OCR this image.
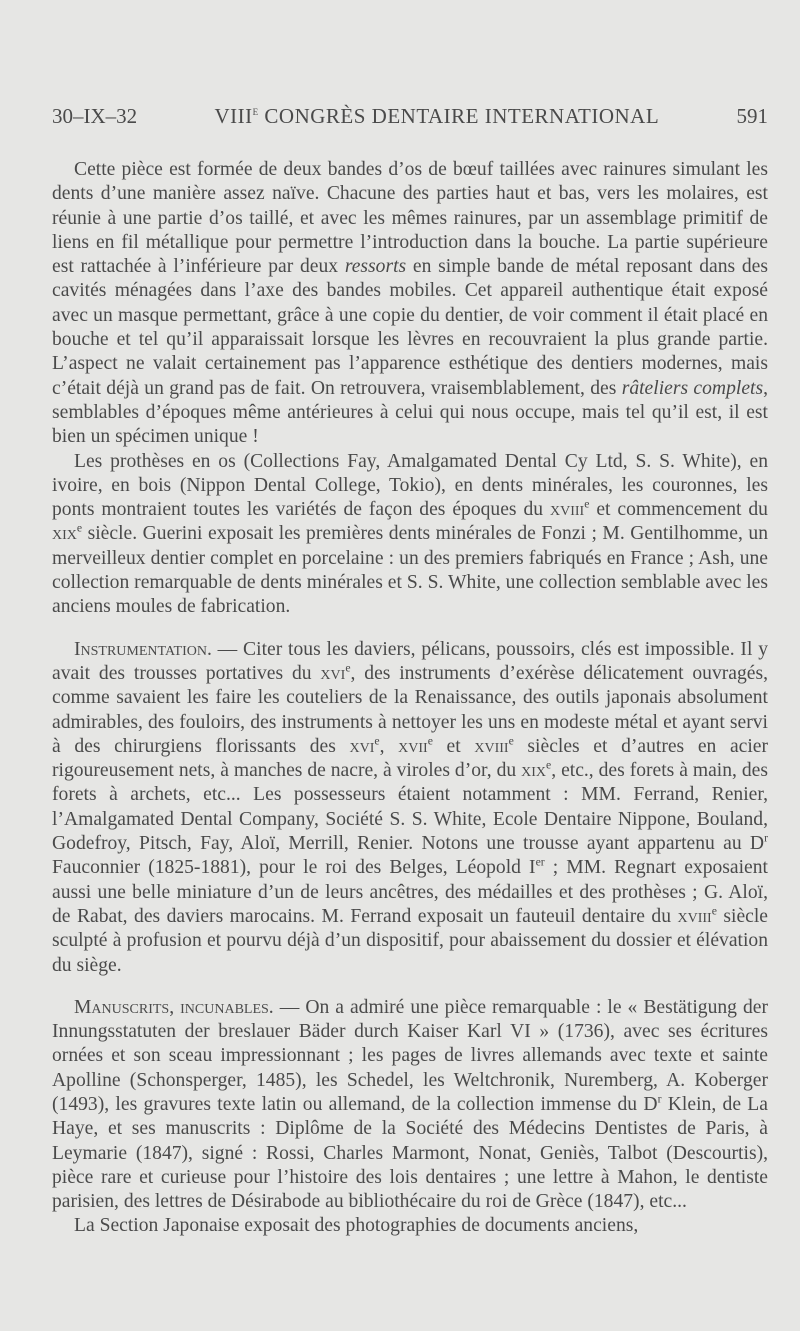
30–IX–32	VIIIe CONGRÈS DENTAIRE INTERNATIONAL	591

Cette pièce est formée de deux bandes d’os de bœuf taillées avec rainures simulant les dents d’une manière assez naïve. Chacune des parties haut et bas, vers les molaires, est réunie à une partie d’os taillé, et avec les mêmes rainures, par un assemblage primitif de liens en fil métallique pour permettre l’introduction dans la bouche. La partie supérieure est rattachée à l’inférieure par deux ressorts en simple bande de métal reposant dans des cavités ménagées dans l’axe des bandes mobiles. Cet appareil authentique était exposé avec un masque permettant, grâce à une copie du dentier, de voir comment il était placé en bouche et tel qu’il apparaissait lorsque les lèvres en recouvraient la plus grande partie. L’aspect ne valait certainement pas l’apparence esthétique des dentiers modernes, mais c’était déjà un grand pas de fait. On retrouvera, vraisemblablement, des râteliers complets, semblables d’époques même antérieures à celui qui nous occupe, mais tel qu’il est, il est bien un spécimen unique !

Les prothèses en os (Collections Fay, Amalgamated Dental Cy Ltd, S. S. White), en ivoire, en bois (Nippon Dental College, Tokio), en dents minérales, les couronnes, les ponts montraient toutes les variétés de façon des époques du xviii$^e$ et commencement du xix$^e$ siècle. Guerini exposait les premières dents minérales de Fonzi ; M. Gentilhomme, un merveilleux dentier complet en porcelaine : un des premiers fabriqués en France ; Ash, une collection remarquable de dents minérales et S. S. White, une collection semblable avec les anciens moules de fabrication.

Instrumentation. — Citer tous les daviers, pélicans, poussoirs, clés est impossible. Il y avait des trousses portatives du xvi$^e$, des instruments d’exérèse délicatement ouvragés, comme savaient les faire les couteliers de la Renaissance, des outils japonais absolument admirables, des fouloirs, des instruments à nettoyer les uns en modeste métal et ayant servi à des chirurgiens florissants des xvi$^e$, xvii$^e$ et xviii$^e$ siècles et d’autres en acier rigoureusement nets, à manches de nacre, à viroles d’or, du xix$^e$, etc., des forets à main, des forets à archets, etc... Les possesseurs étaient notamment : MM. Ferrand, Renier, l’Amalgamated Dental Company, Société S. S. White, Ecole Dentaire Nippone, Bouland, Godefroy, Pitsch, Fay, Aloï, Merrill, Renier. Notons une trousse ayant appartenu au $D^r$ Fauconnier (1825-1881), pour le roi des Belges, Léopold Ier ; MM. Regnart exposaient aussi une belle miniature d’un de leurs ancêtres, des médailles et des prothèses ; G. Aloï, de Rabat, des daviers marocains. M. Ferrand exposait un fauteuil dentaire du xviii$^e$ siècle sculpté à profusion et pourvu déjà d’un dispositif, pour abaissement du dossier et élévation du siège.

Manuscrits, incunables. — On a admiré une pièce remarquable : le « Bestätigung der Innungsstatuten der breslauer Bäder durch Kaiser Karl VI » (1736), avec ses écritures ornées et son sceau impressionnant ; les pages de livres allemands avec texte et sainte Apolline (Schonsperger, 1485), les Schedel, les Weltchronik, Nuremberg, A. Koberger (1493), les gravures texte latin ou allemand, de la collection immense du $D^r$ Klein, de La Haye, et ses manuscrits : Diplôme de la Société des Médecins Dentistes de Paris, à Leymarie (1847), signé : Rossi, Charles Marmont, Nonat, Geniès, Talbot (Descourtis), pièce rare et curieuse pour l’histoire des lois dentaires ; une lettre à Mahon, le dentiste parisien, des lettres de Désirabode au bibliothécaire du roi de Grèce (1847), etc...

La Section Japonaise exposait des photographies de documents anciens,
